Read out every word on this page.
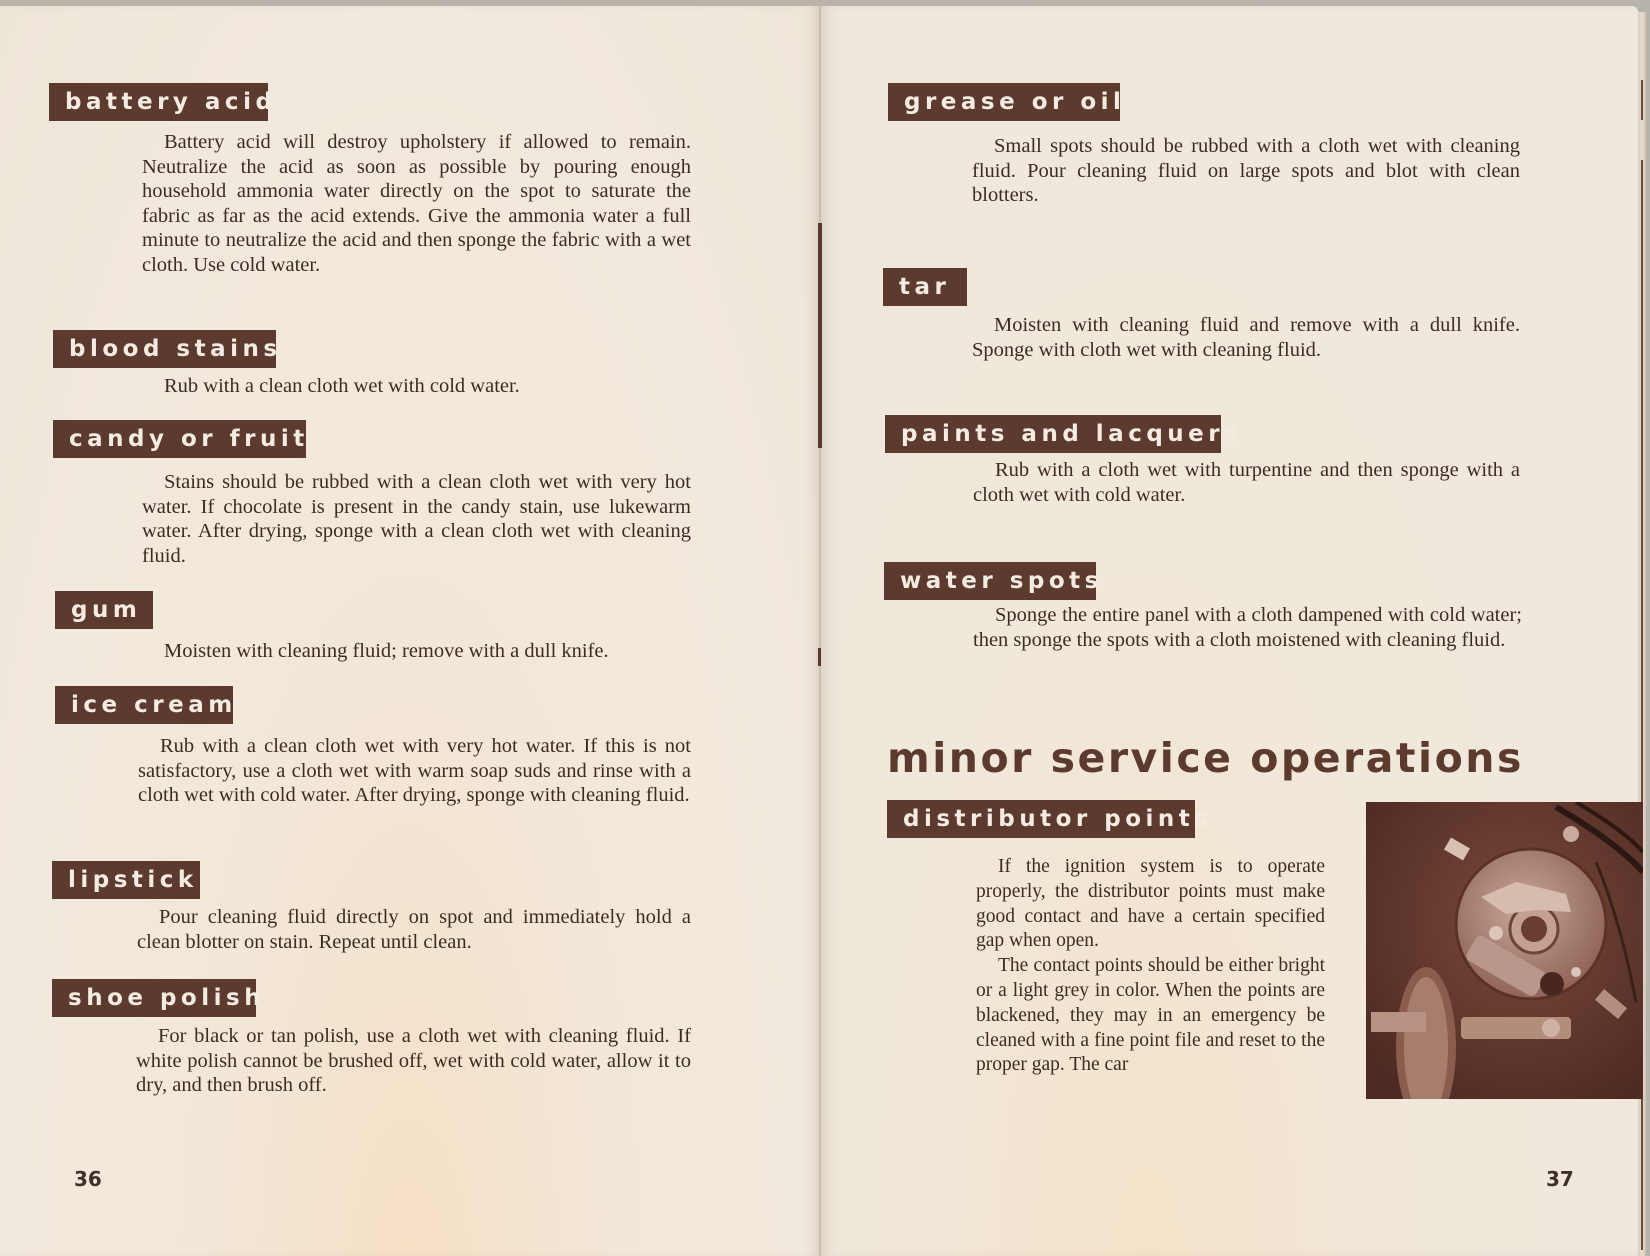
battery acid
Battery acid will destroy upholstery if allowed to remain. Neutralize the acid as soon as possible by pouring enough household ammonia water directly on the spot to saturate the fabric as far as the acid extends. Give the ammonia water a full minute to neutralize the acid and then sponge the fabric with a wet cloth. Use cold water.
blood stains
Rub with a clean cloth wet with cold water.
candy or fruit
Stains should be rubbed with a clean cloth wet with very hot water. If chocolate is present in the candy stain, use lukewarm water. After drying, sponge with a clean cloth wet with cleaning fluid.
gum
Moisten with cleaning fluid; remove with a dull knife.
ice cream
Rub with a clean cloth wet with very hot water. If this is not satisfactory, use a cloth wet with warm soap suds and rinse with a cloth wet with cold water. After drying, sponge with cleaning fluid.
lipstick
Pour cleaning fluid directly on spot and immediately hold a clean blotter on stain. Repeat until clean.
shoe polish
For black or tan polish, use a cloth wet with cleaning fluid. If white polish cannot be brushed off, wet with cold water, allow it to dry, and then brush off.
36
grease or oil
Small spots should be rubbed with a cloth wet with cleaning fluid. Pour cleaning fluid on large spots and blot with clean blotters.
tar
Moisten with cleaning fluid and remove with a dull knife. Sponge with cloth wet with cleaning fluid.
paints and lacquers
Rub with a cloth wet with turpentine and then sponge with a cloth wet with cold water.
water spots
Sponge the entire panel with a cloth dampened with cold water; then sponge the spots with a cloth moistened with cleaning fluid.
minor service operations
distributor points
If the ignition system is to operate properly, the distributor points must make good contact and have a certain specified gap when open.
The contact points should be either bright or a light grey in color. When the points are blackened, they may in an emergency be cleaned with a fine point file and reset to the proper gap. The car
37
